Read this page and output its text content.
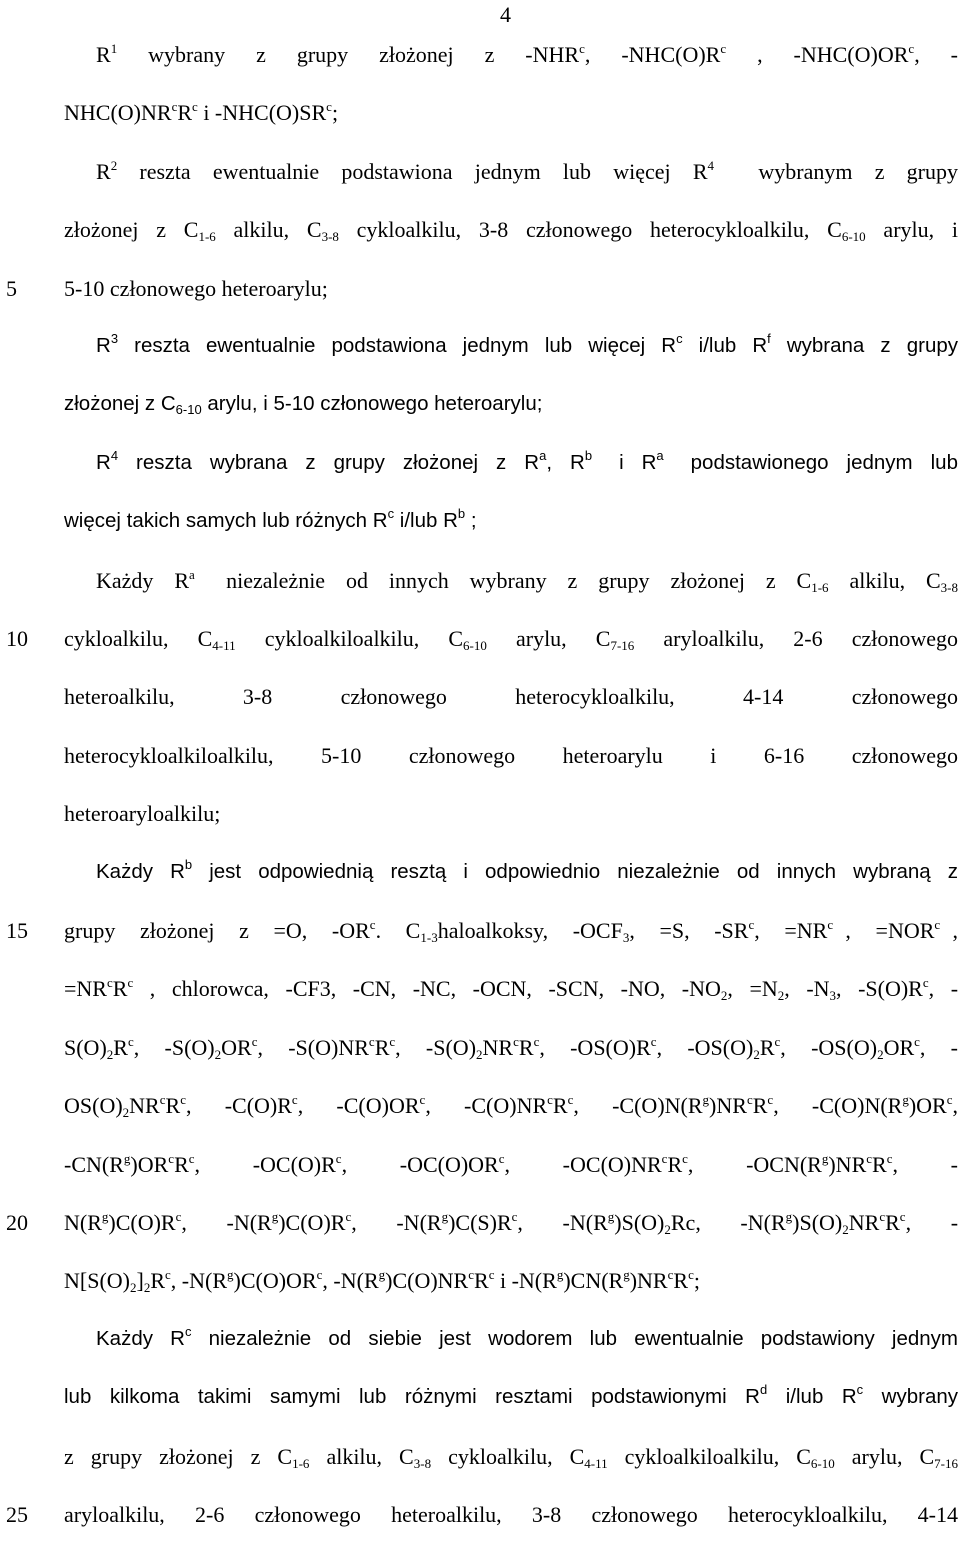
4
5
10
15
20
25
$R^1$  wybrany  z  grupy  złożonej  z  -NHR$^c$,  $-NHC(O)R^c$  ,  $-NHC(O)OR^c$,  -
$NHC(O)NR^cR^c$ i $-NHC(O)SR^c$;
$R^2$  reszta  ewentualnie  podstawiona  jednym  lub  więcej  $R^4$    wybranym  z  grupy
złożonej z $C_{1-6}$ alkilu, $C_{3-8}$ cykloalkilu, 3-8 członowego heterocykloalkilu, $C_{6-10}$ arylu, i
5-10 członowego heteroarylu;
$R^3$ reszta ewentualnie podstawiona jednym lub więcej $R^c$ i/lub $R^f$ wybrana z grupy
złożonej z $C_{6-10}$ arylu, i 5-10 członowego heteroarylu;
$R^4$  reszta  wybrana  z  grupy  złożonej  z  $R^a$,  $R^b$   i  $R^a$   podstawionego  jednym  lub
więcej takich samych lub różnych $R^c$ i/lub $R^b$ ;
Każdy  $R^a$   niezależnie  od  innych  wybrany  z  grupy  złożonej  z  $C_{1-6}$  alkilu,  $C_{3-8}$
cykloalkilu,  $C_{4-11}$  cykloalkiloalkilu,  $C_{6-10}$  arylu,  $C_{7-16}$  aryloalkilu,  2-6  członowego
heteroalkilu,    3-8    członowego    heterocykloalkilu,    4-14    członowego
heterocykloalkiloalkilu,    5-10    członowego    heteroarylu    i    6-16    członowego
heteroaryloalkilu;
Każdy $R^b$ jest odpowiednią resztą i odpowiednio niezależnie od innych wybraną z
grupy  złożonej  z  =O,  $-OR^c$.  $C_{1-3}haloalkoksy$,  $-OCF_3$,  =S,  $-SR^c$,  $=NR^c$ ,  $=NOR^c$ ,
$=NR^cR^c$ , chlorowca, -CF3, -CN, -NC, -OCN, -SCN, -NO, $-NO_2$, $=N_2$, $-N_3$, $-S(O)R^c$, -
$S(O)_2R^c$, $-S(O)_2OR^c$, $-S(O)NR^cR^c$, $-S(O)_2NR^cR^c$, $-OS(O)R^c$, $-OS(O)_2R^c$, $-OS(O)_2OR^c$, -
$OS(O)_2NR^cR^c$, $-C(O)R^c$, $-C(O)OR^c$, $-C(O)NR^cR^c$, $-C(O)N(R^g)NR^cR^c$, $-C(O)N(R^g)OR^c$,
$-CN(R^g)OR^cR^c$,   $-OC(O)R^c$,   $-OC(O)OR^c$,   $-OC(O)NR^cR^c$,   $-OCN(R^g)NR^cR^c$,   -
$N(R^g)C(O)R^c$,  $-N(R^g)C(O)R^c$,  $-N(R^g)C(S)R^c$,  $-N(R^g)S(O)_2Rc$,  $-N(R^g)S(O)_2NR^cR^c$,  -
$N[S(O)_2]_2R^c$, $-N(R^g)C(O)OR^c$, $-N(R^g)C(O)NR^cR^c$ i $-N(R^g)CN(R^g)NR^cR^c$;
Każdy $R^c$ niezależnie od siebie jest wodorem lub ewentualnie podstawiony jednym
lub kilkoma takimi samymi lub różnymi resztami podstawionymi $R^d$ i/lub $R^c$ wybrany
z grupy złożonej z $C_{1-6}$ alkilu, $C_{3-8}$ cykloalkilu, $C_{4-11}$ cykloalkiloalkilu, $C_{6-10}$ arylu, $C_{7-16}$
aryloalkilu,  2-6  członowego  heteroalkilu,  3-8  członowego  heterocykloalkilu,  4-14
